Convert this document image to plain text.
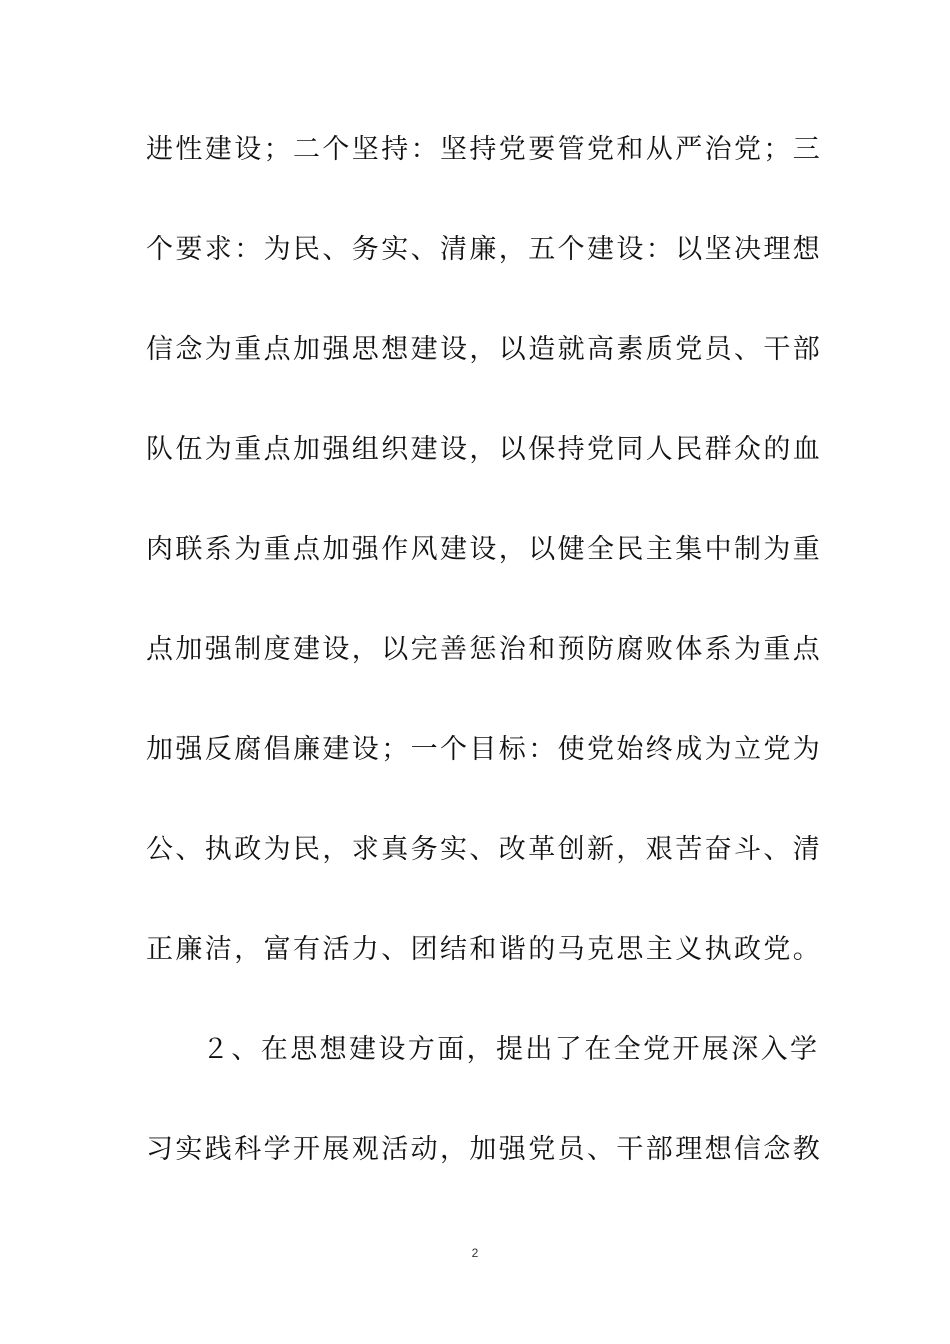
进性建设；二个坚持：坚持党要管党和从严治党；三
个要求：为民、务实、清廉，五个建设：以坚决理想
信念为重点加强思想建设，以造就高素质党员、干部
队伍为重点加强组织建设，以保持党同人民群众的血
肉联系为重点加强作风建设，以健全民主集中制为重
点加强制度建设，以完善惩治和预防腐败体系为重点
加强反腐倡廉建设；一个目标：使党始终成为立党为
公、执政为民，求真务实、改革创新，艰苦奋斗、清
正廉洁，富有活力、团结和谐的马克思主义执政党。
２、在思想建设方面，提出了在全党开展深入学
习实践科学开展观活动，加强党员、干部理想信念教
2
